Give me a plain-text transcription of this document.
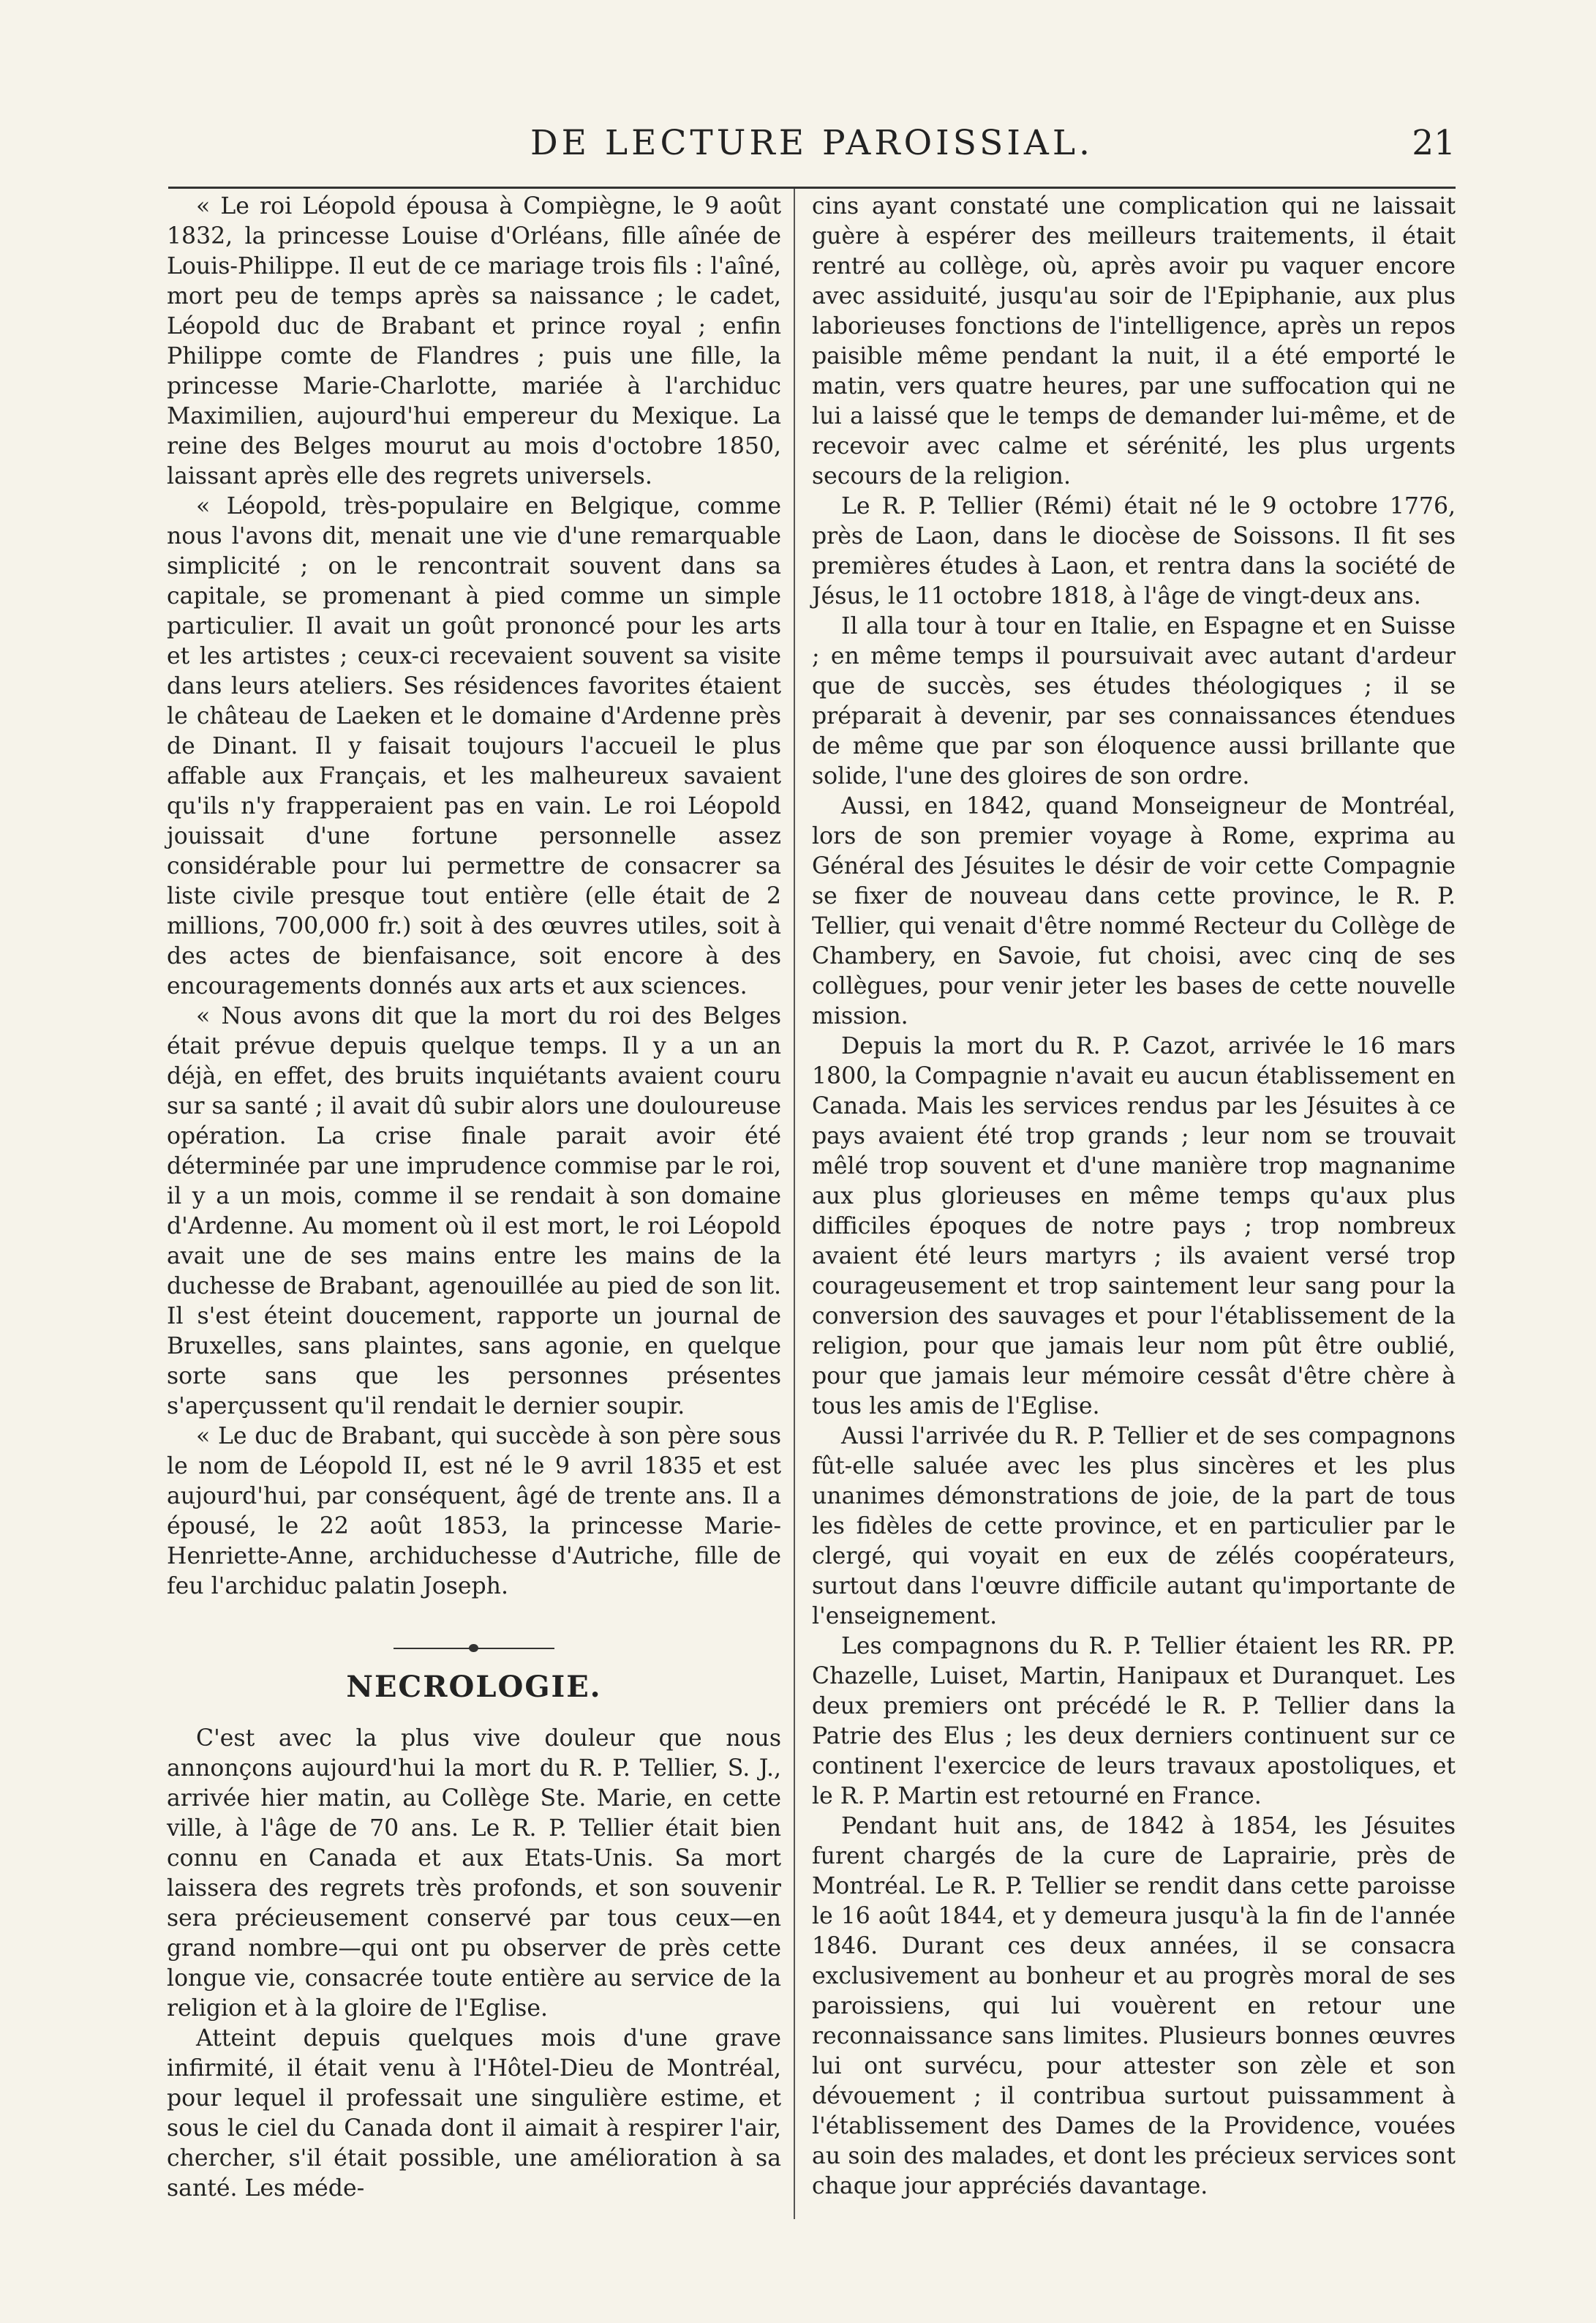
DE LECTURE PAROISSIAL.	21

« Le roi Léopold épousa à Compiègne, le 9 août 1832, la princesse Louise d'Orléans, fille aînée de Louis-Philippe. Il eut de ce mariage trois fils : l'aîné, mort peu de temps après sa naissance ; le cadet, Léopold duc de Brabant et prince royal ; enfin Philippe comte de Flandres ; puis une fille, la princesse Marie-Charlotte, mariée à l'archiduc Maximilien, aujourd'hui empereur du Mexique. La reine des Belges mourut au mois d'octobre 1850, laissant après elle des regrets universels.

« Léopold, très-populaire en Belgique, comme nous l'avons dit, menait une vie d'une remarquable simplicité ; on le rencontrait souvent dans sa capitale, se promenant à pied comme un simple particulier. Il avait un goût prononcé pour les arts et les artistes ; ceux-ci recevaient souvent sa visite dans leurs ateliers. Ses résidences favorites étaient le château de Laeken et le domaine d'Ardenne près de Dinant. Il y faisait toujours l'accueil le plus affable aux Français, et les malheureux savaient qu'ils n'y frapperaient pas en vain. Le roi Léopold jouissait d'une fortune personnelle assez considérable pour lui permettre de consacrer sa liste civile presque tout entière (elle était de 2 millions, 700,000 fr.) soit à des œuvres utiles, soit à des actes de bienfaisance, soit encore à des encouragements donnés aux arts et aux sciences.

« Nous avons dit que la mort du roi des Belges était prévue depuis quelque temps. Il y a un an déjà, en effet, des bruits inquiétants avaient couru sur sa santé ; il avait dû subir alors une douloureuse opération. La crise finale parait avoir été déterminée par une imprudence commise par le roi, il y a un mois, comme il se rendait à son domaine d'Ardenne. Au moment où il est mort, le roi Léopold avait une de ses mains entre les mains de la duchesse de Brabant, agenouillée au pied de son lit. Il s'est éteint doucement, rapporte un journal de Bruxelles, sans plaintes, sans agonie, en quelque sorte sans que les personnes présentes s'aperçussent qu'il rendait le dernier soupir.

« Le duc de Brabant, qui succède à son père sous le nom de Léopold II, est né le 9 avril 1835 et est aujourd'hui, par conséquent, âgé de trente ans. Il a épousé, le 22 août 1853, la princesse Marie-Henriette-Anne, archiduchesse d'Autriche, fille de feu l'archiduc palatin Joseph.

NECROLOGIE.

C'est avec la plus vive douleur que nous annonçons aujourd'hui la mort du R. P. Tellier, S. J., arrivée hier matin, au Collège Ste. Marie, en cette ville, à l'âge de 70 ans. Le R. P. Tellier était bien connu en Canada et aux Etats-Unis. Sa mort laissera des regrets très profonds, et son souvenir sera précieusement conservé par tous ceux—en grand nombre—qui ont pu observer de près cette longue vie, consacrée toute entière au service de la religion et à la gloire de l'Eglise.

Atteint depuis quelques mois d'une grave infirmité, il était venu à l'Hôtel-Dieu de Montréal, pour lequel il professait une singulière estime, et sous le ciel du Canada dont il aimait à respirer l'air, chercher, s'il était possible, une amélioration à sa santé. Les méde-

cins ayant constaté une complication qui ne laissait guère à espérer des meilleurs traitements, il était rentré au collège, où, après avoir pu vaquer encore avec assiduité, jusqu'au soir de l'Epiphanie, aux plus laborieuses fonctions de l'intelligence, après un repos paisible même pendant la nuit, il a été emporté le matin, vers quatre heures, par une suffocation qui ne lui a laissé que le temps de demander lui-même, et de recevoir avec calme et sérénité, les plus urgents secours de la religion.

Le R. P. Tellier (Rémi) était né le 9 octobre 1776, près de Laon, dans le diocèse de Soissons. Il fit ses premières études à Laon, et rentra dans la société de Jésus, le 11 octobre 1818, à l'âge de vingt-deux ans.

Il alla tour à tour en Italie, en Espagne et en Suisse ; en même temps il poursuivait avec autant d'ardeur que de succès, ses études théologiques ; il se préparait à devenir, par ses connaissances étendues de même que par son éloquence aussi brillante que solide, l'une des gloires de son ordre.

Aussi, en 1842, quand Monseigneur de Montréal, lors de son premier voyage à Rome, exprima au Général des Jésuites le désir de voir cette Compagnie se fixer de nouveau dans cette province, le R. P. Tellier, qui venait d'être nommé Recteur du Collège de Chambery, en Savoie, fut choisi, avec cinq de ses collègues, pour venir jeter les bases de cette nouvelle mission.

Depuis la mort du R. P. Cazot, arrivée le 16 mars 1800, la Compagnie n'avait eu aucun établissement en Canada. Mais les services rendus par les Jésuites à ce pays avaient été trop grands ; leur nom se trouvait mêlé trop souvent et d'une manière trop magnanime aux plus glorieuses en même temps qu'aux plus difficiles époques de notre pays ; trop nombreux avaient été leurs martyrs ; ils avaient versé trop courageusement et trop saintement leur sang pour la conversion des sauvages et pour l'établissement de la religion, pour que jamais leur nom pût être oublié, pour que jamais leur mémoire cessât d'être chère à tous les amis de l'Eglise.

Aussi l'arrivée du R. P. Tellier et de ses compagnons fût-elle saluée avec les plus sincères et les plus unanimes démonstrations de joie, de la part de tous les fidèles de cette province, et en particulier par le clergé, qui voyait en eux de zélés coopérateurs, surtout dans l'œuvre difficile autant qu'importante de l'enseignement.

Les compagnons du R. P. Tellier étaient les RR. PP. Chazelle, Luiset, Martin, Hanipaux et Duranquet. Les deux premiers ont précédé le R. P. Tellier dans la Patrie des Elus ; les deux derniers continuent sur ce continent l'exercice de leurs travaux apostoliques, et le R. P. Martin est retourné en France.

Pendant huit ans, de 1842 à 1854, les Jésuites furent chargés de la cure de Laprairie, près de Montréal. Le R. P. Tellier se rendit dans cette paroisse le 16 août 1844, et y demeura jusqu'à la fin de l'année 1846. Durant ces deux années, il se consacra exclusivement au bonheur et au progrès moral de ses paroissiens, qui lui vouèrent en retour une reconnaissance sans limites. Plusieurs bonnes œuvres lui ont survécu, pour attester son zèle et son dévouement ; il contribua surtout puissamment à l'établissement des Dames de la Providence, vouées au soin des malades, et dont les précieux services sont chaque jour appréciés davantage.
